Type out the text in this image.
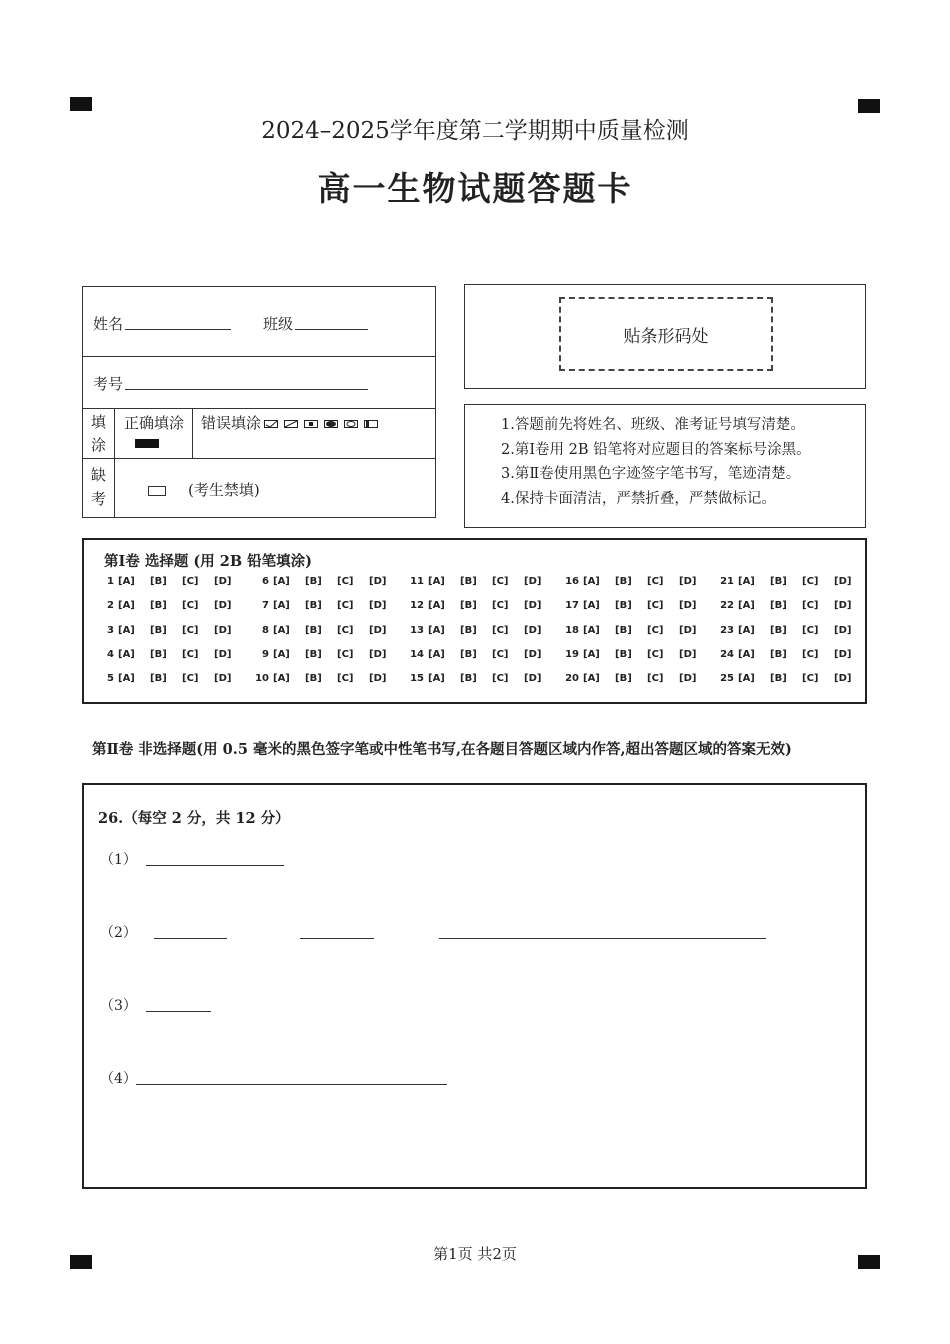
2024–2025学年度第二学期期中质量检测
高一生物试题答题卡
姓名	班级
考号
填
涂
正确填涂 错误填涂
缺
考	(考生禁填)
贴条形码处
1.答题前先将姓名、班级、准考证号填写清楚。
2.第Ⅰ卷用 2B 铅笔将对应题目的答案标号涂黑。
3.第Ⅱ卷使用黑色字迹签字笔书写，笔迹清楚。
4.保持卡面清洁，严禁折叠，严禁做标记。
第Ⅰ卷 选择题 (用 2B 铅笔填涂)
1 [A] [B] [C] [D]	6 [A] [B] [C] [D] 11 [A] [B] [C] [D] 16 [A] [B] [C] [D] 21 [A] [B] [C] [D]
2 [A] [B] [C] [D]	7 [A] [B] [C] [D] 12 [A] [B] [C] [D] 17 [A] [B] [C] [D] 22 [A] [B] [C] [D]
3 [A] [B] [C] [D]	8 [A] [B] [C] [D] 13 [A] [B] [C] [D] 18 [A] [B] [C] [D] 23 [A] [B] [C] [D]
4 [A] [B] [C] [D]	9 [A] [B] [C] [D] 14 [A] [B] [C] [D] 19 [A] [B] [C] [D] 24 [A] [B] [C] [D]
5 [A] [B] [C] [D] 10 [A] [B] [C] [D] 15 [A] [B] [C] [D] 20 [A] [B] [C] [D] 25 [A] [B] [C] [D]
第Ⅱ卷 非选择题(用 0.5 毫米的黑色签字笔或中性笔书写,在各题目答题区域内作答,超出答题区域的答案无效)
26.（每空 2 分，共 12 分）
（1）
（2）
（3）
（4）
第1页 共2页
